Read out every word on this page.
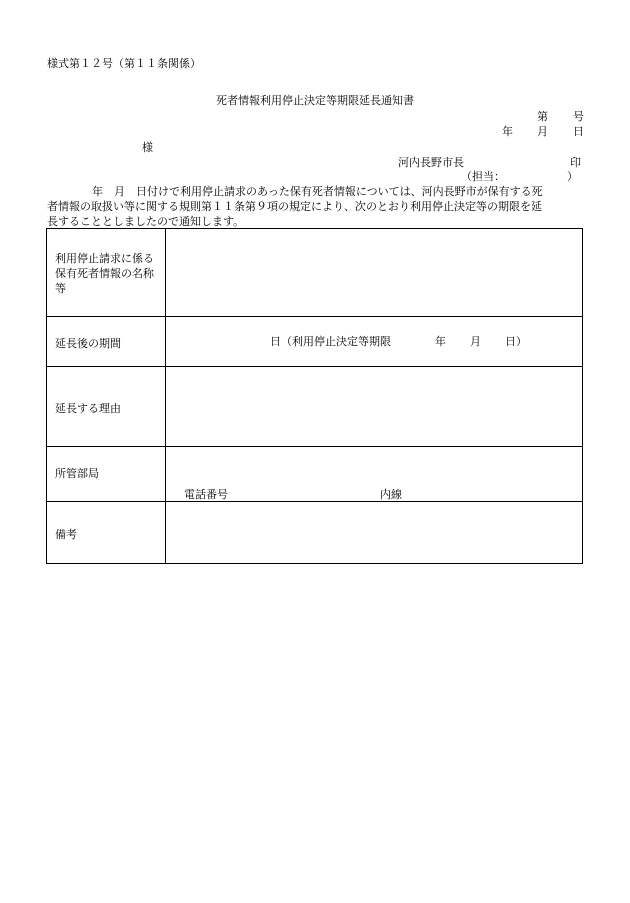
様式第１２号（第１１条関係）
死者情報利用停止決定等期限延長通知書
第 号
年 月 日
様
河内長野市長	印
（担当：	）

年　月　日付けで利用停止請求のあった保有死者情報については、河内長野市が保有する死

者情報の取扱い等に関する規則第１１条第９項の規定により、次のとおり利用停止決定等の期限を延

長することとしましたので通知します。

利用停止請求に係る保有死者情報の名称等	

延長後の期間	日（利用停止決定等期限 年 月 日）

延長する理由	

所管部局	電話番号 内線

備考	
